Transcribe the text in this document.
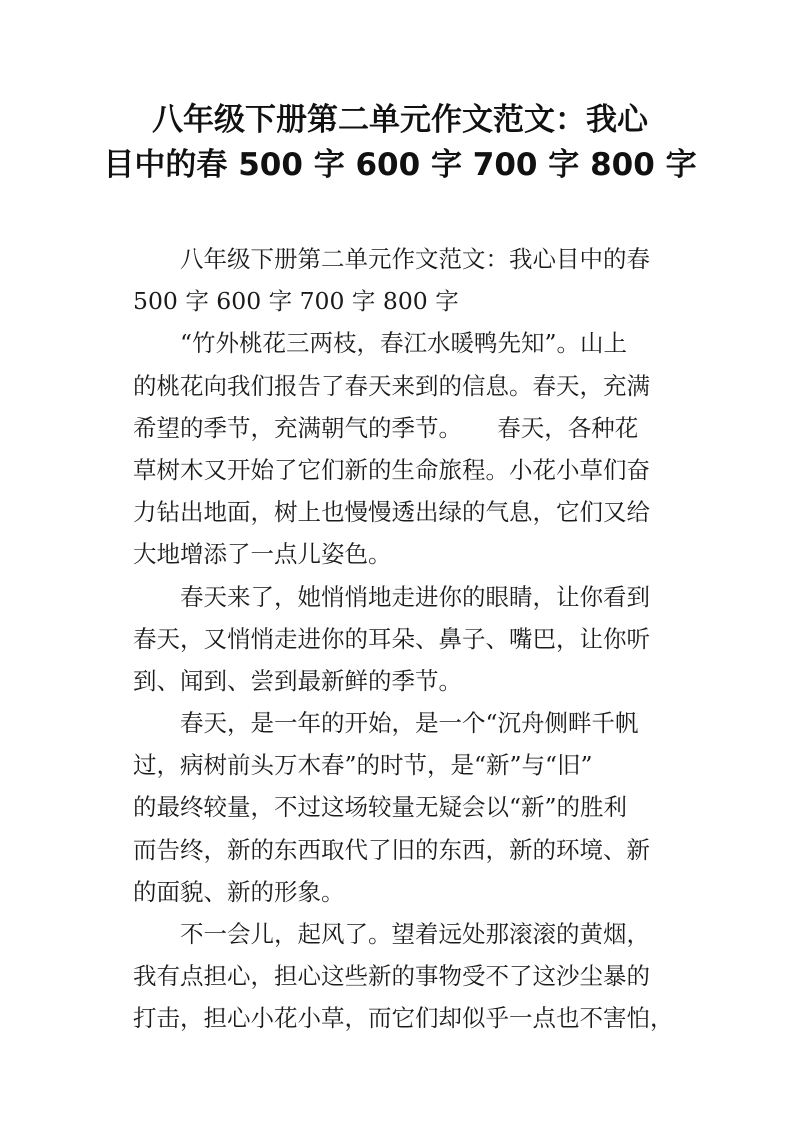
八年级下册第二单元作文范文：我心
目中的春 500 字 600 字 700 字 800 字
八年级下册第二单元作文范文：我心目中的春
500 字 600 字 700 字 800 字
“竹外桃花三两枝，春江水暖鸭先知”。山上
的桃花向我们报告了春天来到的信息。春天，充满
希望的季节，充满朝气的季节。　　春天，各种花
草树木又开始了它们新的生命旅程。小花小草们奋
力钻出地面，树上也慢慢透出绿的气息，它们又给
大地增添了一点儿姿色。
春天来了，她悄悄地走进你的眼睛，让你看到
春天，又悄悄走进你的耳朵、鼻子、嘴巴，让你听
到、闻到、尝到最新鲜的季节。
春天，是一年的开始，是一个“沉舟侧畔千帆
过，病树前头万木春”的时节，是“新”与“旧”
的最终较量，不过这场较量无疑会以“新”的胜利
而告终，新的东西取代了旧的东西，新的环境、新
的面貌、新的形象。
不一会儿，起风了。望着远处那滚滚的黄烟，
我有点担心，担心这些新的事物受不了这沙尘暴的
打击，担心小花小草，而它们却似乎一点也不害怕，
